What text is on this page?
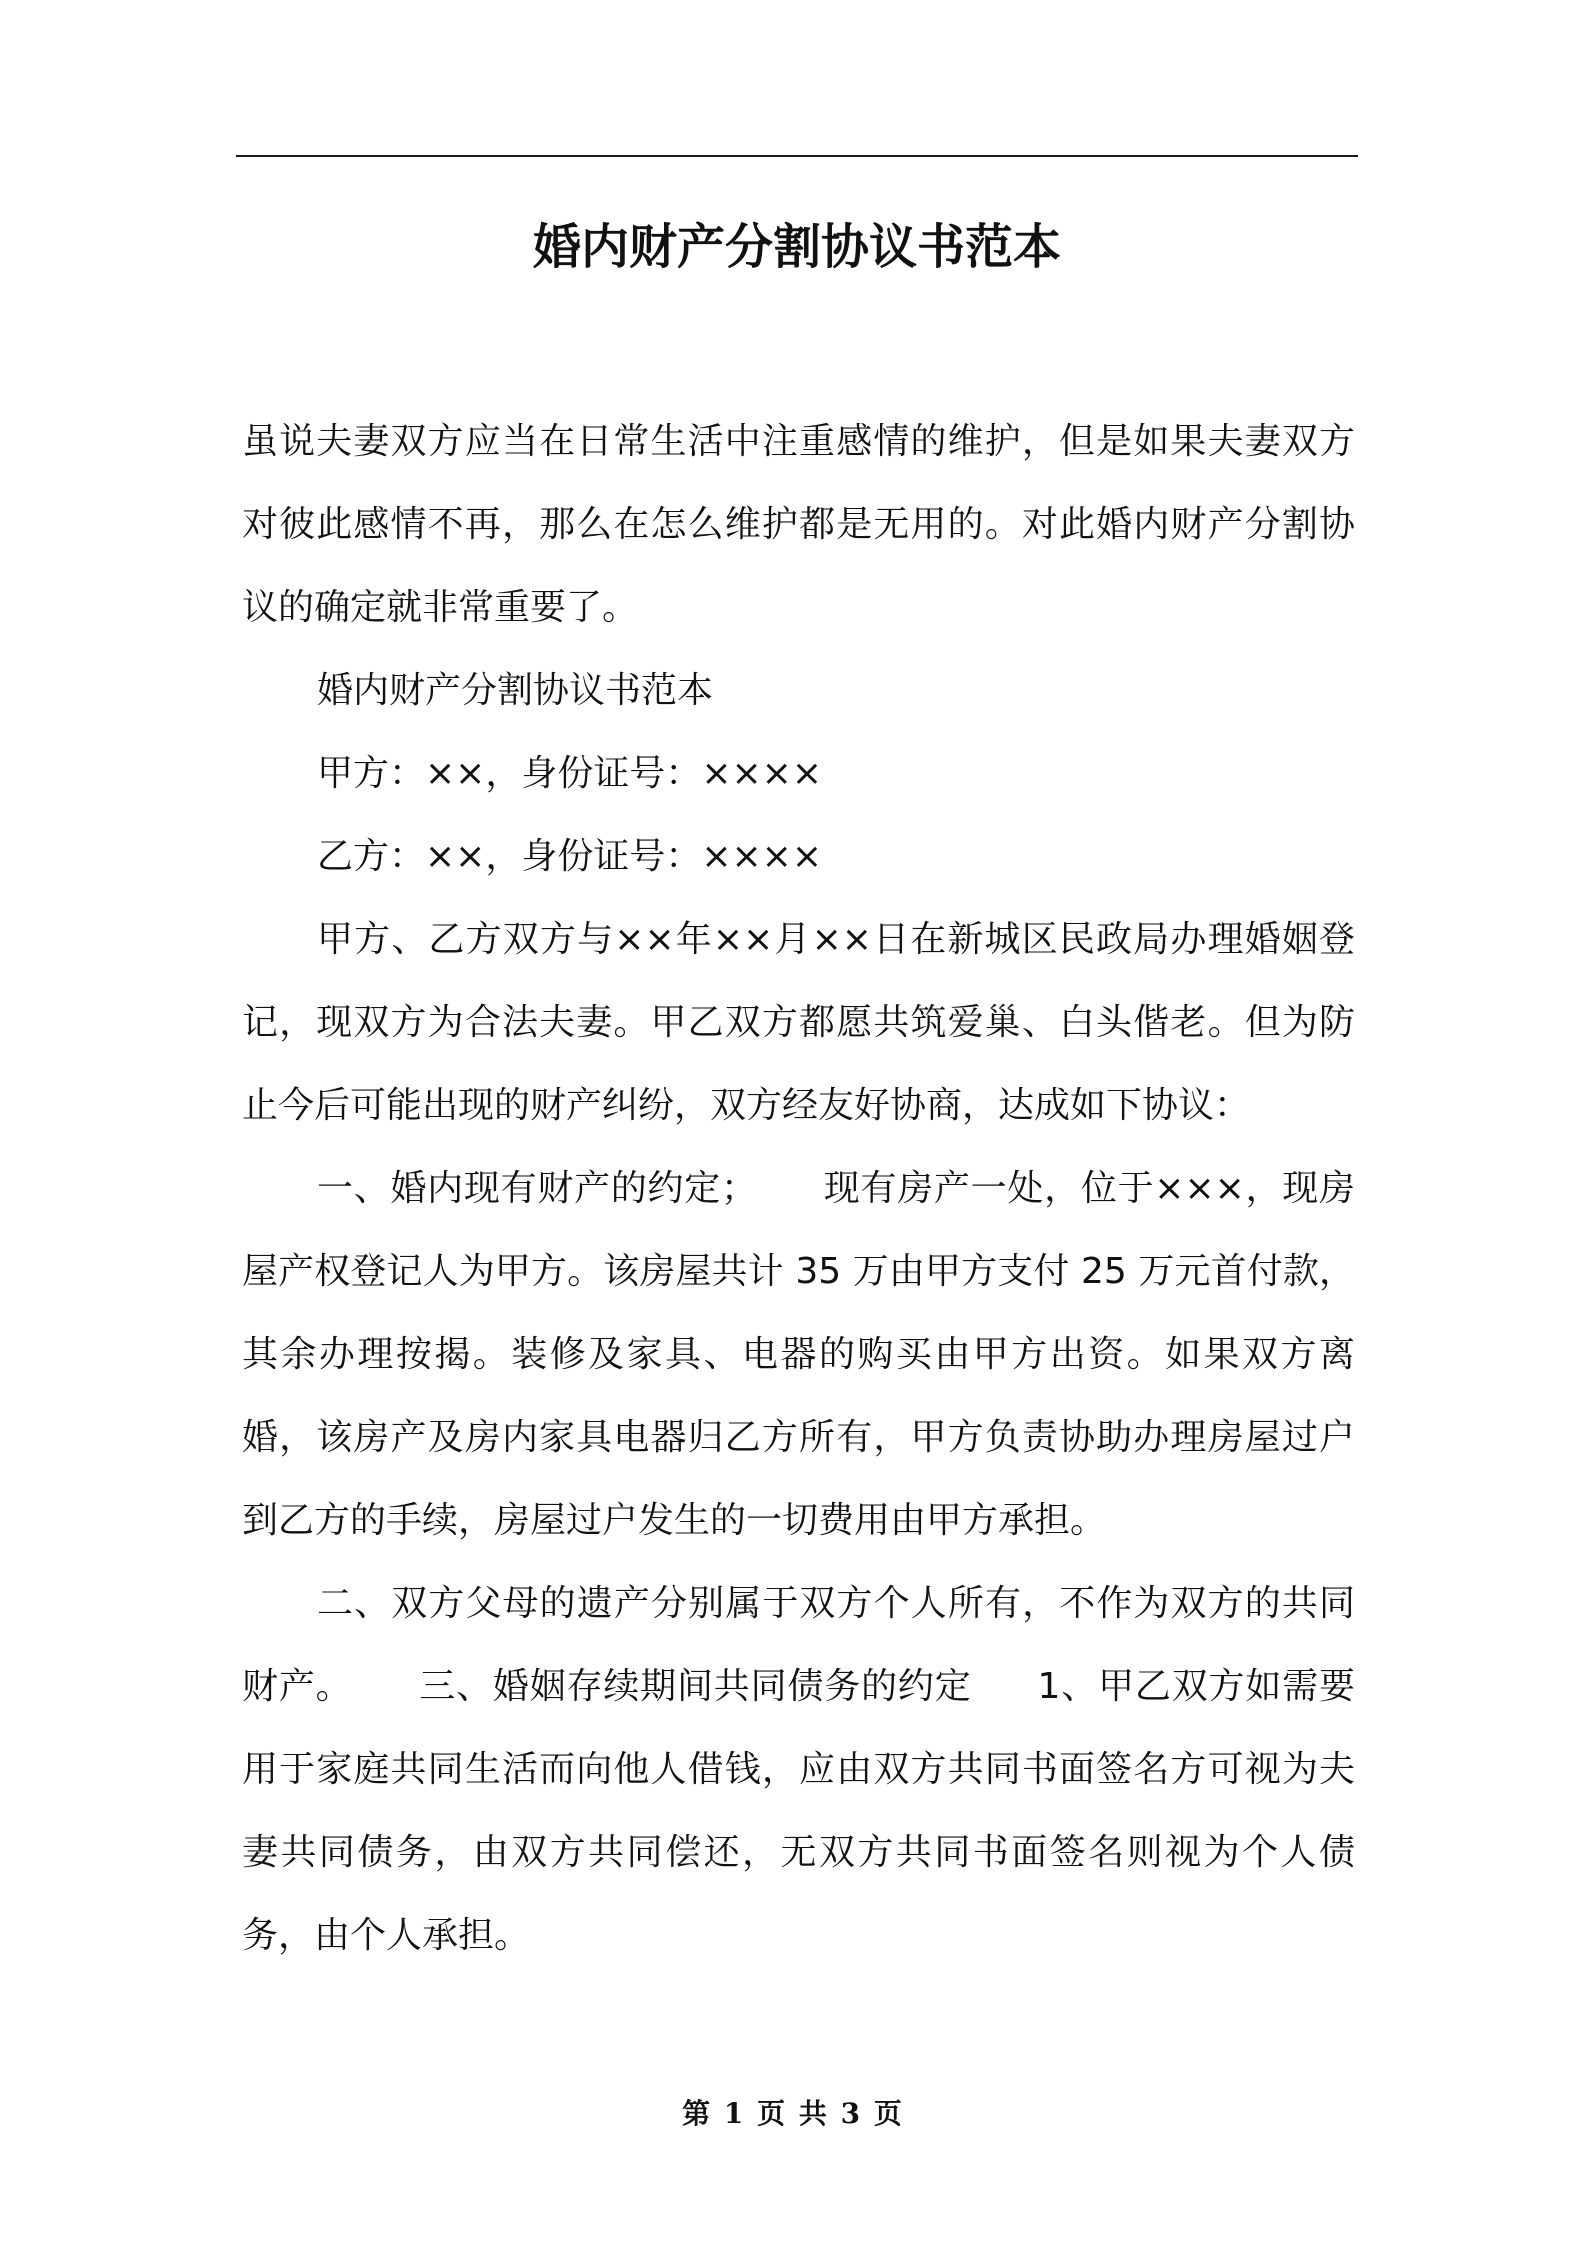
婚内财产分割协议书范本

虽说夫妻双方应当在日常生活中注重感情的维护，但是如果夫妻双方对彼此感情不再，那么在怎么维护都是无用的。对此婚内财产分割协议的确定就非常重要了。

婚内财产分割协议书范本

甲方：××，身份证号：××××

乙方：××，身份证号：××××

甲方、乙方双方与××年××月××日在新城区民政局办理婚姻登记，现双方为合法夫妻。甲乙双方都愿共筑爱巢、白头偕老。但为防止今后可能出现的财产纠纷，双方经友好协商，达成如下协议：

一、婚内现有财产的约定； 现有房产一处，位于×××，现房屋产权登记人为甲方。该房屋共计 35 万由甲方支付 25 万元首付款，其余办理按揭。装修及家具、电器的购买由甲方出资。如果双方离婚，该房产及房内家具电器归乙方所有，甲方负责协助办理房屋过户到乙方的手续，房屋过户发生的一切费用由甲方承担。

二、双方父母的遗产分别属于双方个人所有，不作为双方的共同财产。 三、婚姻存续期间共同债务的约定 1、甲乙双方如需要用于家庭共同生活而向他人借钱，应由双方共同书面签名方可视为夫妻共同债务，由双方共同偿还，无双方共同书面签名则视为个人债务，由个人承担。

第 1 页 共 3 页
